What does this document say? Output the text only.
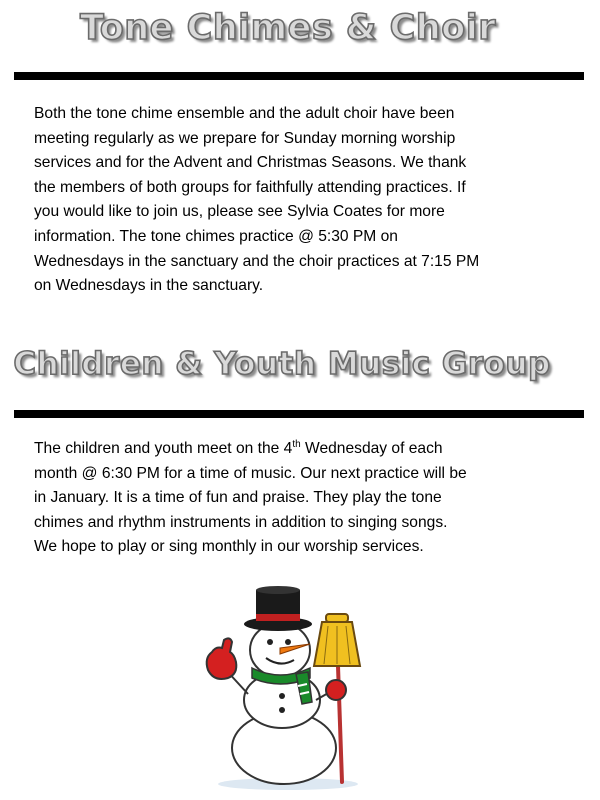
Tone Chimes & Choir
Both the tone chime ensemble and the adult choir have been
meeting regularly as we prepare for Sunday morning worship
services and for the Advent and Christmas Seasons. We thank
the members of both groups for faithfully attending practices. If
you would like to join us, please see Sylvia Coates for more
information. The tone chimes practice @ 5:30 PM on
Wednesdays in the sanctuary and the choir practices at 7:15 PM
on Wednesdays in the sanctuary.
Children & Youth Music Group
The children and youth meet on the 4th Wednesday of each
month @ 6:30 PM for a time of music. Our next practice will be
in January. It is a time of fun and praise. They play the tone
chimes and rhythm instruments in addition to singing songs.
We hope to play or sing monthly in our worship services.
